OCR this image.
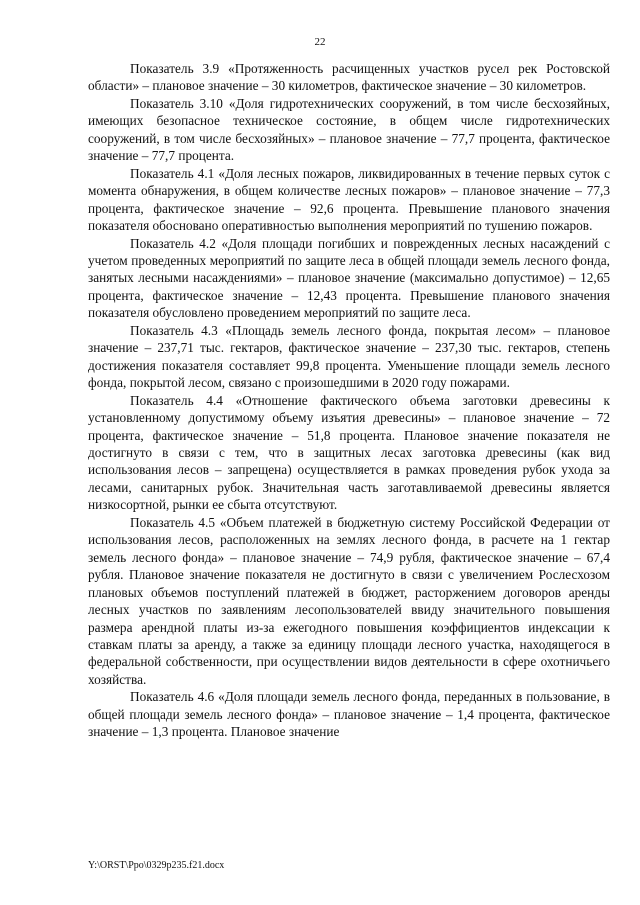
22

Показатель 3.9 «Протяженность расчищенных участков русел рек Ростовской области» – плановое значение – 30 километров, фактическое значение – 30 километров.

Показатель 3.10 «Доля гидротехнических сооружений, в том числе бесхозяйных, имеющих безопасное техническое состояние, в общем числе гидротехнических сооружений, в том числе бесхозяйных» – плановое значение – 77,7 процента, фактическое значение – 77,7 процента.

Показатель 4.1 «Доля лесных пожаров, ликвидированных в течение первых суток с момента обнаружения, в общем количестве лесных пожаров» – плановое значение – 77,3 процента, фактическое значение – 92,6 процента. Превышение планового значения показателя обосновано оперативностью выполнения мероприятий по тушению пожаров.

Показатель 4.2 «Доля площади погибших и поврежденных лесных насаждений с учетом проведенных мероприятий по защите леса в общей площади земель лесного фонда, занятых лесными насаждениями» – плановое значение (максимально допустимое) – 12,65 процента, фактическое значение – 12,43 процента. Превышение планового значения показателя обусловлено проведением мероприятий по защите леса.

Показатель 4.3 «Площадь земель лесного фонда, покрытая лесом» – плановое значение – 237,71 тыс. гектаров, фактическое значение – 237,30 тыс. гектаров, степень достижения показателя составляет 99,8 процента. Уменьшение площади земель лесного фонда, покрытой лесом, связано с произошедшими в 2020 году пожарами.

Показатель 4.4 «Отношение фактического объема заготовки древесины к установленному допустимому объему изъятия древесины» – плановое значение – 72 процента, фактическое значение – 51,8 процента. Плановое значение показателя не достигнуто в связи с тем, что в защитных лесах заготовка древесины (как вид использования лесов – запрещена) осуществляется в рамках проведения рубок ухода за лесами, санитарных рубок. Значительная часть заготавливаемой древесины является низкосортной, рынки ее сбыта отсутствуют.

Показатель 4.5 «Объем платежей в бюджетную систему Российской Федерации от использования лесов, расположенных на землях лесного фонда, в расчете на 1 гектар земель лесного фонда» – плановое значение – 74,9 рубля, фактическое значение – 67,4 рубля. Плановое значение показателя не достигнуто в связи с увеличением Рослесхозом плановых объемов поступлений платежей в бюджет, расторжением договоров аренды лесных участков по заявлениям лесопользователей ввиду значительного повышения размера арендной платы из-за ежегодного повышения коэффициентов индексации к ставкам платы за аренду, а также за единицу площади лесного участка, находящегося в федеральной собственности, при осуществлении видов деятельности в сфере охотничьего хозяйства.

Показатель 4.6 «Доля площади земель лесного фонда, переданных в пользование, в общей площади земель лесного фонда» – плановое значение – 1,4 процента, фактическое значение – 1,3 процента. Плановое значение

Y:\ORST\Ppo\0329p235.f21.docx
